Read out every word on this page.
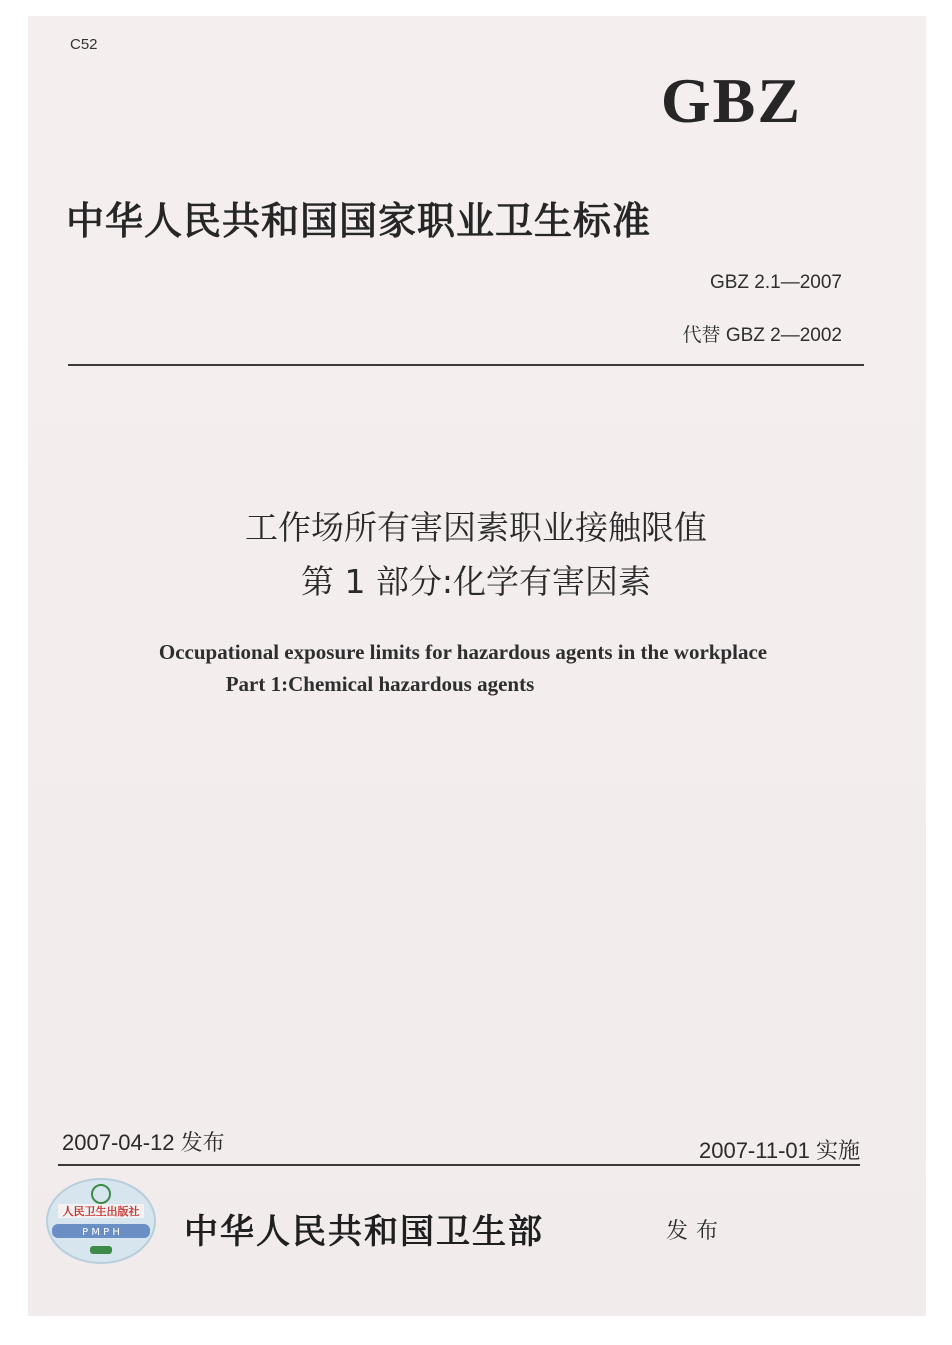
C52
GBZ
中华人民共和国国家职业卫生标准
GBZ 2.1—2007
代替 GBZ 2—2002
工作场所有害因素职业接触限值
第 1 部分:化学有害因素
Occupational exposure limits for hazardous agents in the workplace
Part 1:Chemical hazardous agents
2007-04-12 发布	2007-11-01 实施
人民卫生出版社
P M P H 中华人民共和国卫生部	发布
